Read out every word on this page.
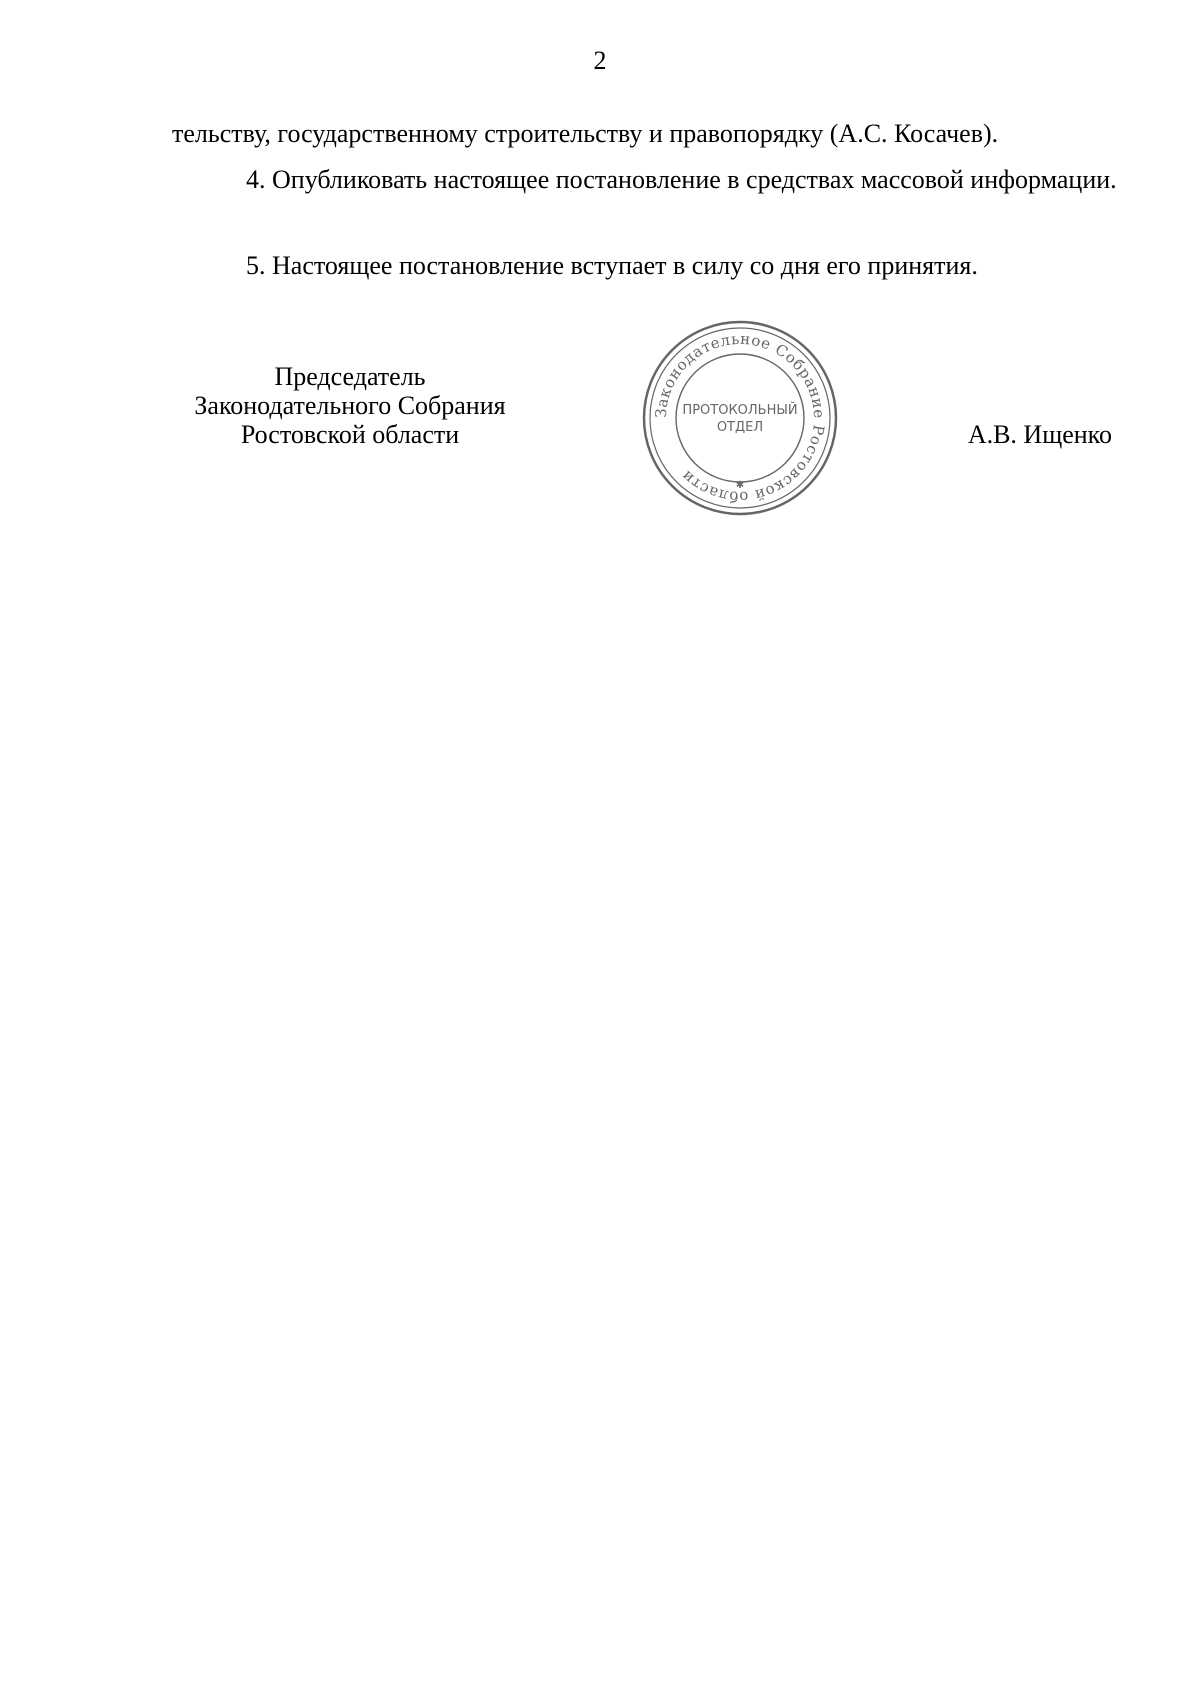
2
тельству, государственному строительству и правопорядку (А.С. Косачев).
4. Опубликовать настоящее постановление в средствах массовой информации.
5. Настоящее постановление вступает в силу со дня его принятия.
Председатель
Законодательного Собрания
Ростовской области
Законодательное Собрание Ростовской области
ПРОТОКОЛЬНЫЙ
ОТДЕЛ
✱
А.В. Ищенко
